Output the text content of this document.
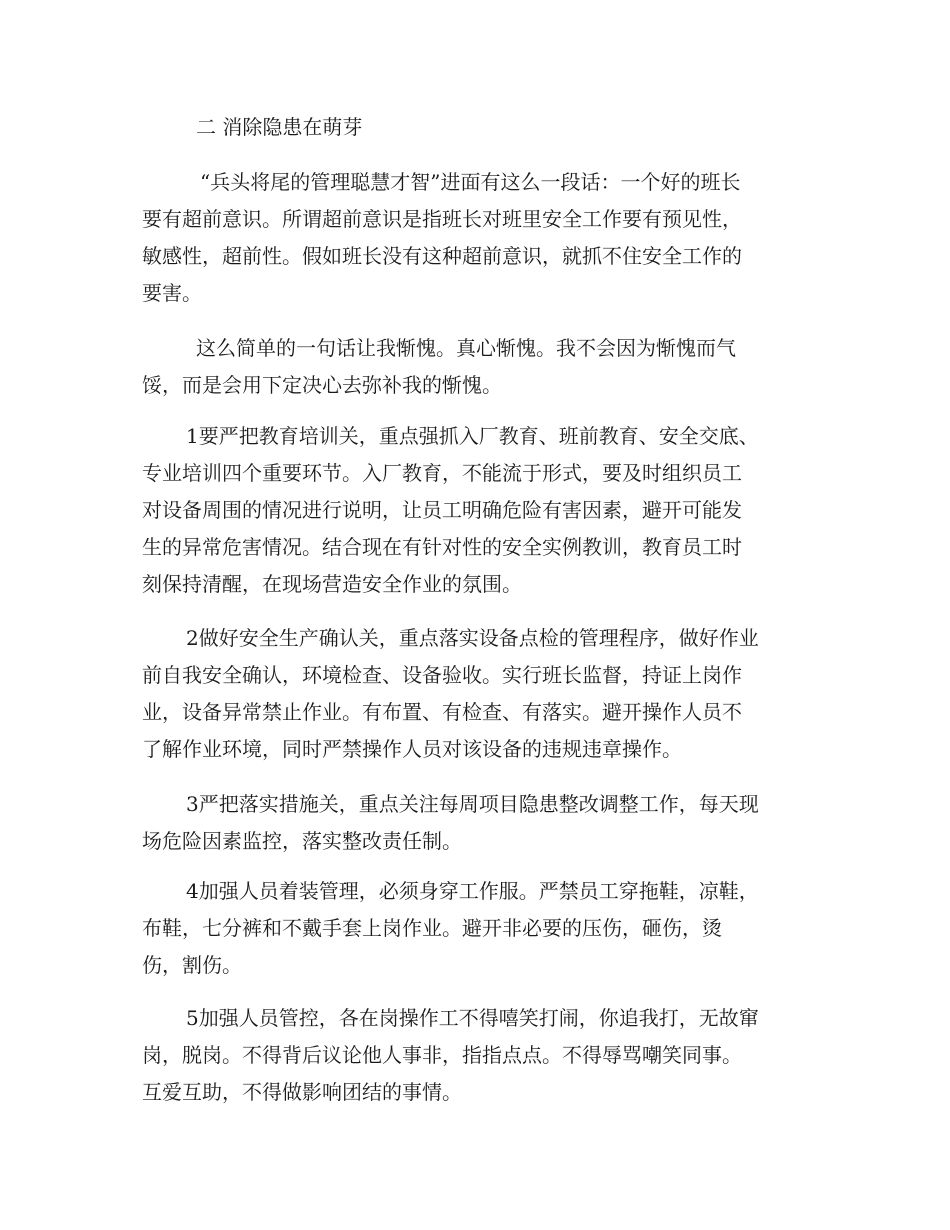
二 消除隐患在萌芽

“兵头将尾的管理聪慧才智”进面有这么一段话：一个好的班长

要有超前意识。所谓超前意识是指班长对班里安全工作要有预见性，

敏感性，超前性。假如班长没有这种超前意识，就抓不住安全工作的

要害。

这么简单的一句话让我惭愧。真心惭愧。我不会因为惭愧而气

馁，而是会用下定决心去弥补我的惭愧。

1要严把教育培训关，重点强抓入厂教育、班前教育、安全交底、

专业培训四个重要环节。入厂教育，不能流于形式，要及时组织员工

对设备周围的情况进行说明，让员工明确危险有害因素，避开可能发

生的异常危害情况。结合现在有针对性的安全实例教训，教育员工时

刻保持清醒，在现场营造安全作业的氛围。

2做好安全生产确认关，重点落实设备点检的管理程序，做好作业

前自我安全确认，环境检查、设备验收。实行班长监督，持证上岗作

业，设备异常禁止作业。有布置、有检查、有落实。避开操作人员不

了解作业环境，同时严禁操作人员对该设备的违规违章操作。

3严把落实措施关，重点关注每周项目隐患整改调整工作，每天现

场危险因素监控，落实整改责任制。

4加强人员着装管理，必须身穿工作服。严禁员工穿拖鞋，凉鞋，

布鞋，七分裤和不戴手套上岗作业。避开非必要的压伤，砸伤，烫

伤，割伤。

5加强人员管控，各在岗操作工不得嘻笑打闹，你追我打，无故窜

岗，脱岗。不得背后议论他人事非，指指点点。不得辱骂嘲笑同事。

互爱互助，不得做影响团结的事情。
